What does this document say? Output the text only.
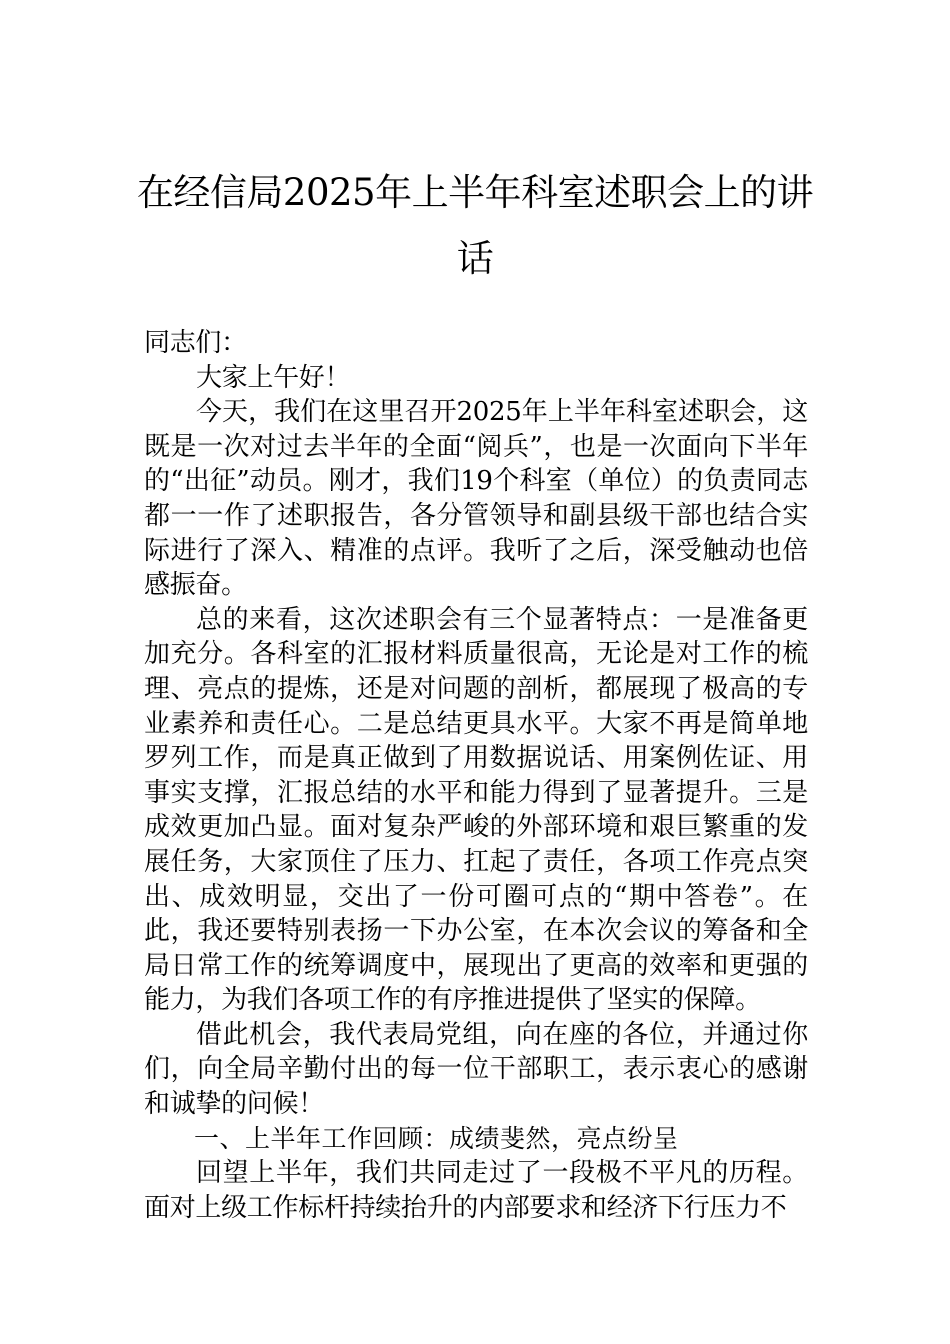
在经信局2025年上半年科室述职会上的讲话

同志们：

大家上午好！

今天，我们在这里召开2025年上半年科室述职会，这既是一次对过去半年的全面“阅兵”，也是一次面向下半年的“出征”动员。刚才，我们19个科室（单位）的负责同志都一一作了述职报告，各分管领导和副县级干部也结合实际进行了深入、精准的点评。我听了之后，深受触动也倍感振奋。

总的来看，这次述职会有三个显著特点：一是准备更加充分。各科室的汇报材料质量很高，无论是对工作的梳理、亮点的提炼，还是对问题的剖析，都展现了极高的专业素养和责任心。二是总结更具水平。大家不再是简单地罗列工作，而是真正做到了用数据说话、用案例佐证、用事实支撑，汇报总结的水平和能力得到了显著提升。三是成效更加凸显。面对复杂严峻的外部环境和艰巨繁重的发展任务，大家顶住了压力、扛起了责任，各项工作亮点突出、成效明显，交出了一份可圈可点的“期中答卷”。在此，我还要特别表扬一下办公室，在本次会议的筹备和全局日常工作的统筹调度中，展现出了更高的效率和更强的能力，为我们各项工作的有序推进提供了坚实的保障。

借此机会，我代表局党组，向在座的各位，并通过你们，向全局辛勤付出的每一位干部职工，表示衷心的感谢和诚挚的问候！

一、上半年工作回顾：成绩斐然，亮点纷呈

回望上半年，我们共同走过了一段极不平凡的历程。面对上级工作标杆持续抬升的内部要求和经济下行压力不
